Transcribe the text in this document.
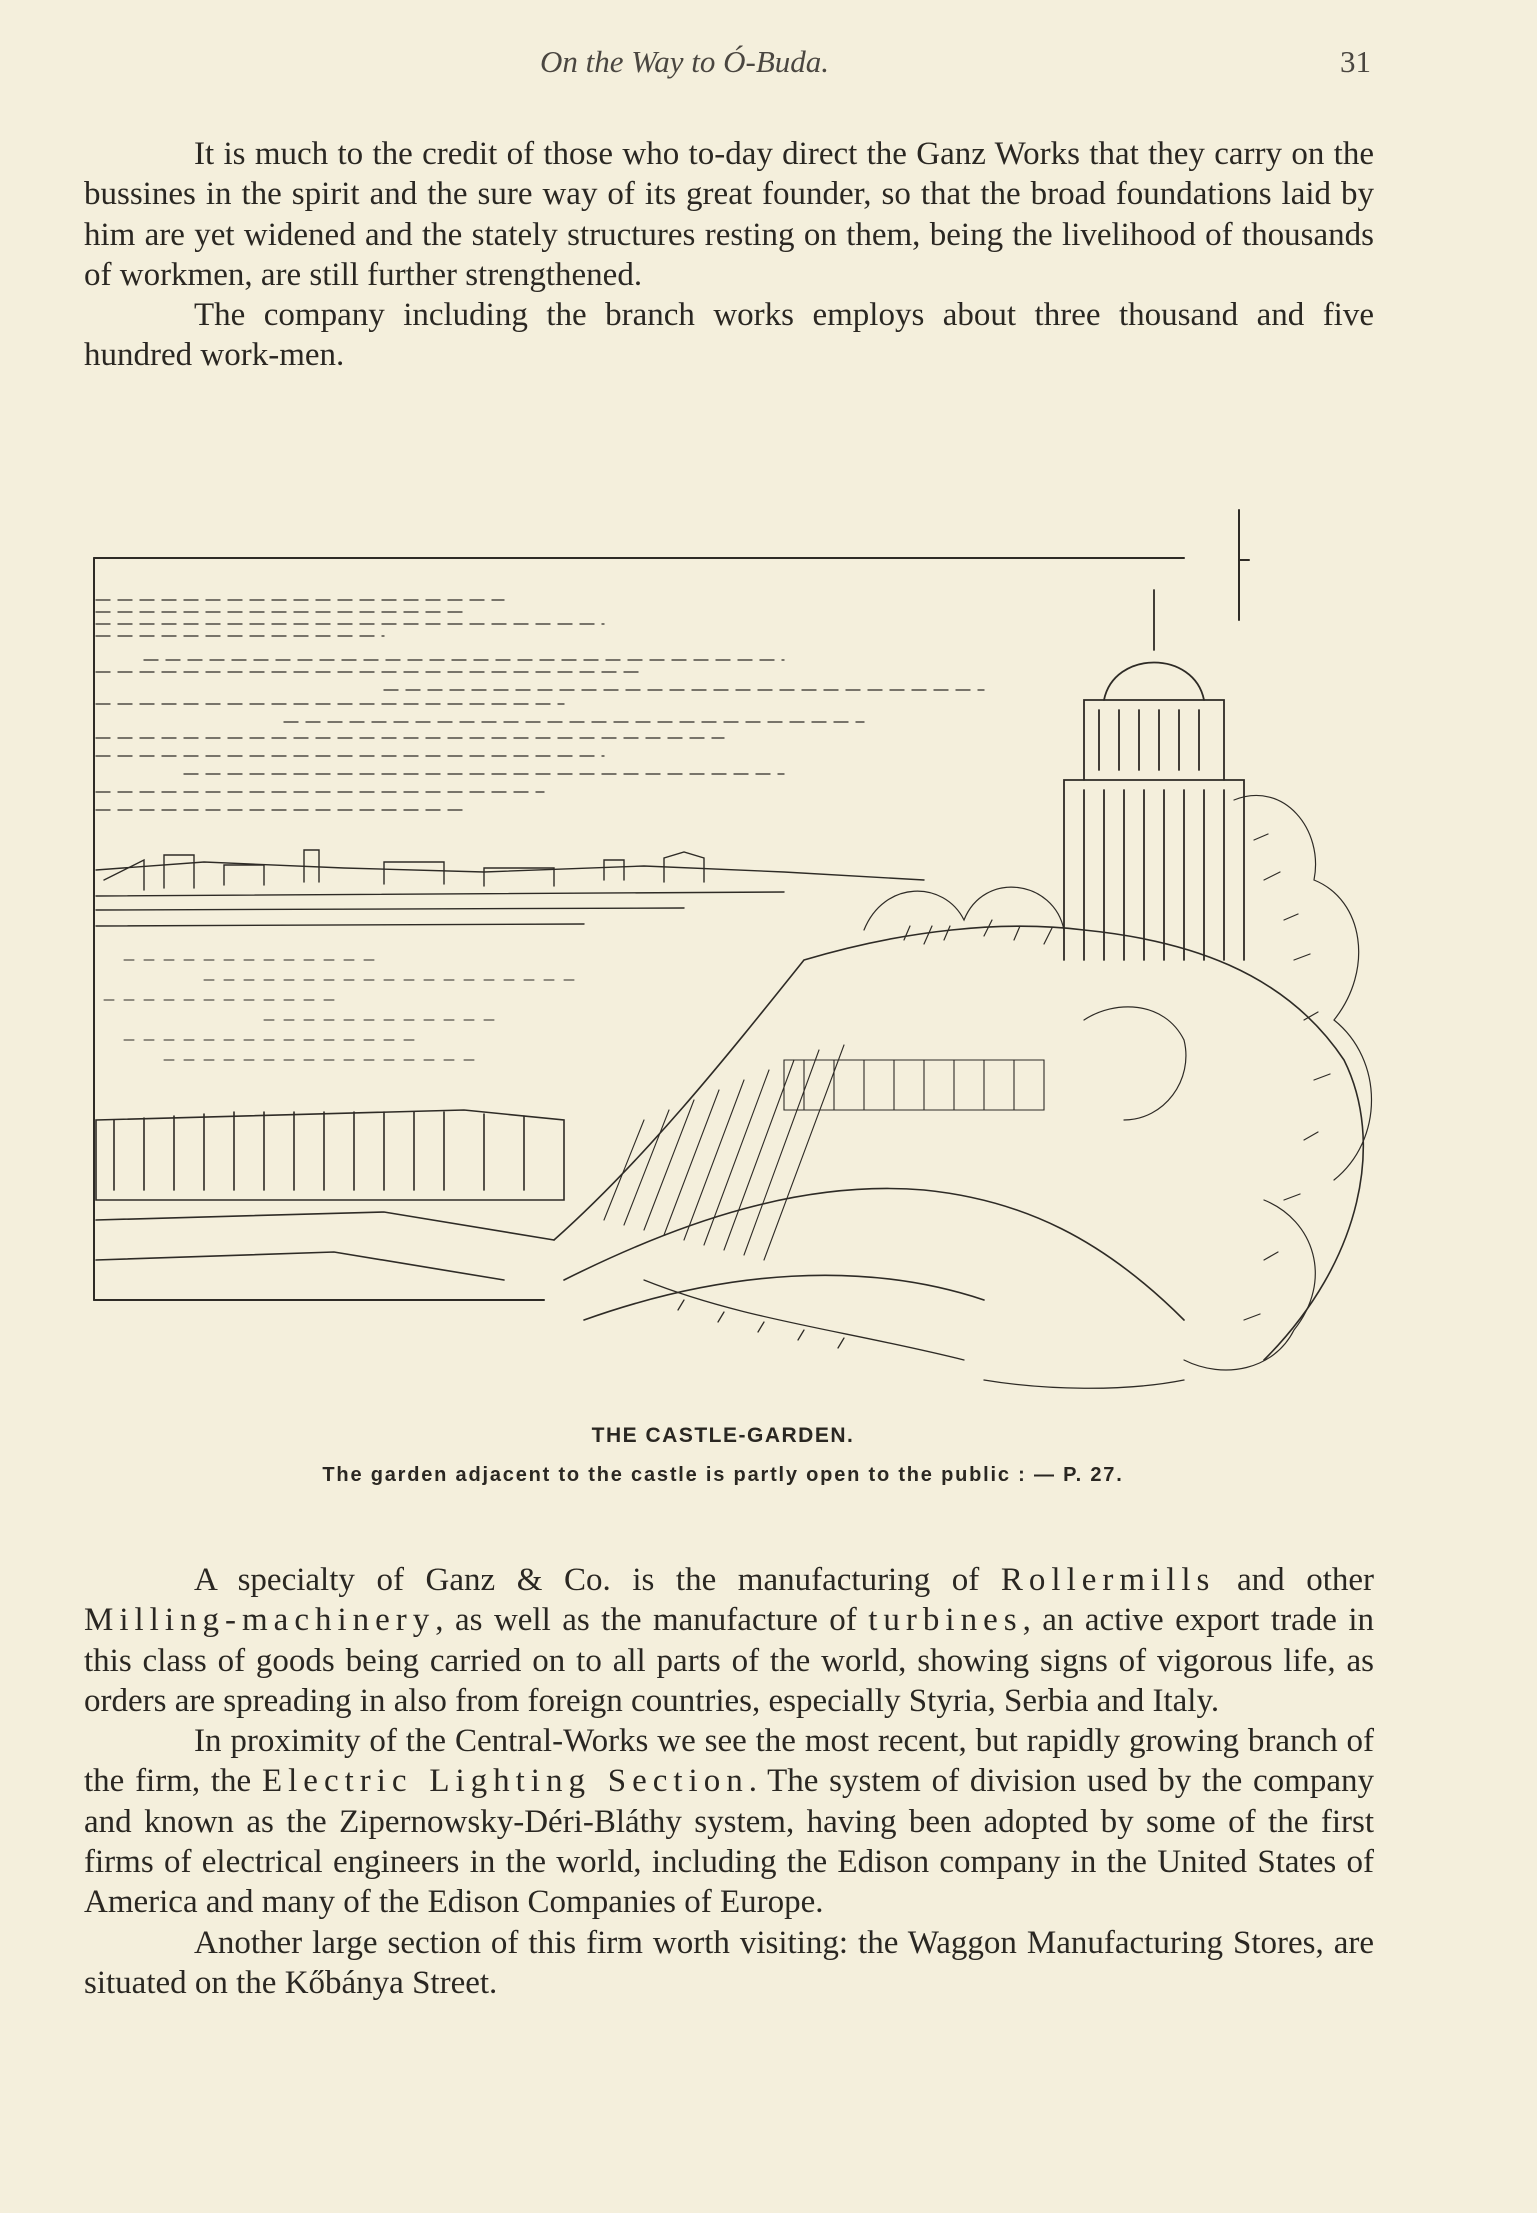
On the Way to Ó-Buda.	31

It is much to the credit of those who to-day direct the Ganz Works that they carry on the bussines in the spirit and the sure way of its great founder, so that the broad foundations laid by him are yet widened and the stately structures resting on them, being the livelihood of thousands of workmen, are still further strengthened.

The company including the branch works employs about three thousand and five hundred work-men.

THE CASTLE-GARDEN.
The garden adjacent to the castle is partly open to the public : — P. 27.

A specialty of Ganz & Co. is the manufacturing of Rollermills and other Milling-machinery, as well as the manufacture of turbines, an active export trade in this class of goods being carried on to all parts of the world, showing signs of vigorous life, as orders are spreading in also from foreign countries, especially Styria, Serbia and Italy.

In proximity of the Central-Works we see the most recent, but rapidly growing branch of the firm, the Electric Lighting Section. The system of division used by the company and known as the Zipernowsky-Déri-Bláthy system, having been adopted by some of the first firms of electrical engineers in the world, including the Edison company in the United States of America and many of the Edison Companies of Europe.

Another large section of this firm worth visiting: the Waggon Manufacturing Stores, are situated on the Kőbánya Street.
